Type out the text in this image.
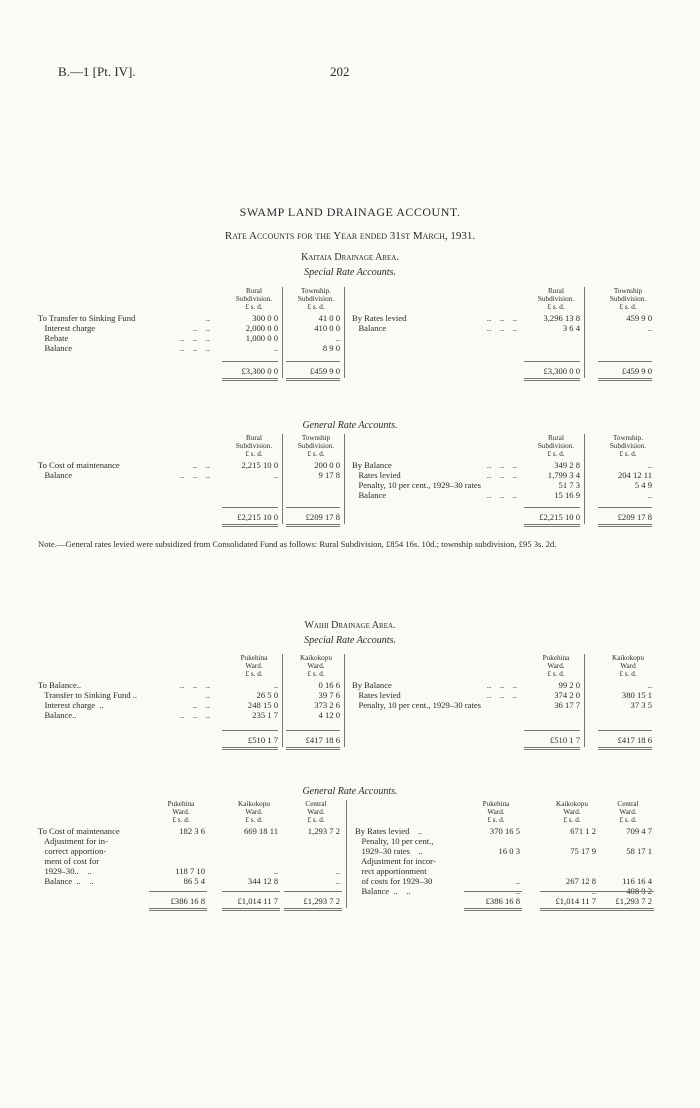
B.—1 [Pt. IV].	202
SWAMP LAND DRAINAGE ACCOUNT.
Rate Accounts for the Year ended 31st March, 1931.
Kaitaia Drainage Area.
Special Rate Accounts.
Rural
Subdivision.
£ s. d.
Township.
Subdivision.
£ s. d.
Rural
Subdivision.
£ s. d.
Township
Subdivision.
£ s. d.
To Transfer to Sinking Fund	..	300 0 0	41 0 0
Interest charge	..    ..	2,000 0 0	410 0 0
Rebate	..    ..    ..	1,000 0 0	..
Balance	..    ..    ..	..	8 9 0
By Rates levied	..    ..    ..	3,296 13 8	459 9 0
Balance	..    ..    ..	3 6 4	..
£3,300 0 0	£459 9 0	£3,300 0 0	£459 9 0
General Rate Accounts.
Rural
Subdivision.
£ s. d.
Township
Subdivision.
£ s. d.
Rural
Subdivision.
£ s. d.
Township.
Subdivision.
£ s. d.
To Cost of maintenance	..    ..	2,215 10 0	200 0 0
Balance	..    ..    ..	..	9 17 8
By Balance	..    ..    ..	349 2 8	..
Rates levied	..    ..    ..	1,799 3 4	204 12 11
Penalty, 10 per cent., 1929–30 rates	51 7 3	5 4 9
Balance	..    ..    ..	15 16 9	..
£2,215 10 0	£209 17 8	£2,215 10 0	£209 17 8
Note.—General rates levied were subsidized from Consolidated Fund as follows: Rural Subdivision, £854 16s. 10d.; township subdivision, £95 3s. 2d.
Waihi Drainage Area.
Special Rate Accounts.
Pukehina
Ward.
£ s. d.
Kaikokopu
Ward.
£ s. d.
Pukehina
Ward.
£ s. d.
Kaikokopu
Ward
£ s. d.
To Balance..	..    ..    ..	..	0 16 6
Transfer to Sinking Fund ..	..	26 5 0	39 7 6
Interest charge  ..	..    ..	248 15 0	373 2 6
Balance..	..    ..    ..	235 1 7	4 12 0
By Balance	..    ..    ..	99 2 0	..
Rates levied	..    ..    ..	374 2 0	380 15 1
Penalty, 10 per cent., 1929–30 rates	36 17 7	37 3 5
£510 1 7	£417 18 6	£510 1 7	£417 18 6
General Rate Accounts.
Pukehina
Ward.
£ s. d.
Pukehina
Ward.
£ s. d.
Kaikokopu
Ward.
£ s. d.
Kaikokopu
Ward.
£ s. d.
Central
Ward.
£ s. d.
Central
Ward.
£ s. d.
To Cost of maintenance	182 3 6	669 18 11	1,293 7 2
Adjustment for in-
correct apportion-
ment of cost for
1929–30..    ..	118 7 10	..	..
Balance  ..    ..	86 5 4	344 12 8	..
By Rates levied    ..	370 16 5	671 1 2	709 4 7
Penalty, 10 per cent.,
1929–30 rates    ..	16 0 3	75 17 9	58 17 1
Adjustment for incor-
rect apportionment
of costs for 1929–30	..	267 12 8	116 16 4
Balance  ..    ..	..	..	408 9 2
£386 16 8	£1,014 11 7	£1,293 7 2	£386 16 8	£1,014 11 7	£1,293 7 2
